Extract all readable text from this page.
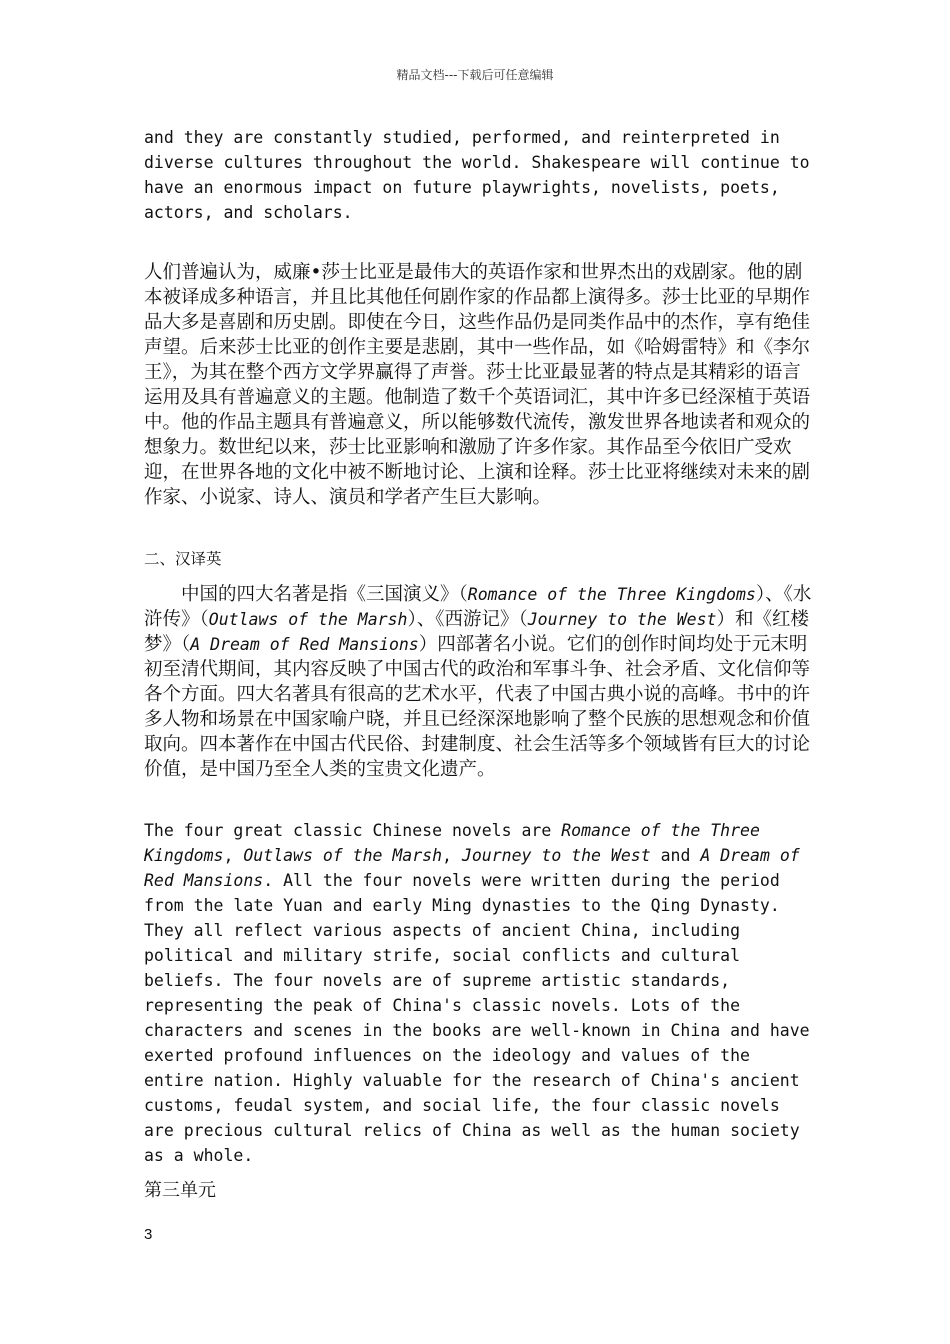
精品文档---下载后可任意编辑

and they are constantly studied, performed, and reinterpreted in diverse cultures throughout the world. Shakespeare will continue to have an enormous impact on future playwrights, novelists, poets, actors, and scholars.

人们普遍认为，威廉•莎士比亚是最伟大的英语作家和世界杰出的戏剧家。他的剧本被译成多种语言，并且比其他任何剧作家的作品都上演得多。莎士比亚的早期作品大多是喜剧和历史剧。即使在今日，这些作品仍是同类作品中的杰作，享有绝佳声望。后来莎士比亚的创作主要是悲剧，其中一些作品，如《哈姆雷特》和《李尔王》，为其在整个西方文学界赢得了声誉。莎士比亚最显著的特点是其精彩的语言运用及具有普遍意义的主题。他制造了数千个英语词汇，其中许多已经深植于英语中。他的作品主题具有普遍意义，所以能够数代流传，激发世界各地读者和观众的想象力。数世纪以来，莎士比亚影响和激励了许多作家。其作品至今依旧广受欢迎，在世界各地的文化中被不断地讨论、上演和诠释。莎士比亚将继续对未来的剧作家、小说家、诗人、演员和学者产生巨大影响。

二、汉译英

中国的四大名著是指《三国演义》（Romance of the Three Kingdoms）、《水浒传》（Outlaws of the Marsh）、《西游记》（Journey to the West）和《红楼梦》（A Dream of Red Mansions）四部著名小说。它们的创作时间均处于元末明初至清代期间，其内容反映了中国古代的政治和军事斗争、社会矛盾、文化信仰等各个方面。四大名著具有很高的艺术水平，代表了中国古典小说的高峰。书中的许多人物和场景在中国家喻户晓，并且已经深深地影响了整个民族的思想观念和价值取向。四本著作在中国古代民俗、封建制度、社会生活等多个领域皆有巨大的讨论价值，是中国乃至全人类的宝贵文化遗产。

The four great classic Chinese novels are Romance of the Three Kingdoms, Outlaws of the Marsh, Journey to the West and A Dream of Red Mansions. All the four novels were written during the period from the late Yuan and early Ming dynasties to the Qing Dynasty. They all reflect various aspects of ancient China, including political and military strife, social conflicts and cultural beliefs. The four novels are of supreme artistic standards, representing the peak of China's classic novels. Lots of the characters and scenes in the books are well-known in China and have exerted profound influences on the ideology and values of the entire nation. Highly valuable for the research of China's ancient customs, feudal system, and social life, the four classic novels are precious cultural relics of China as well as the human society as a whole.

第三单元

3
